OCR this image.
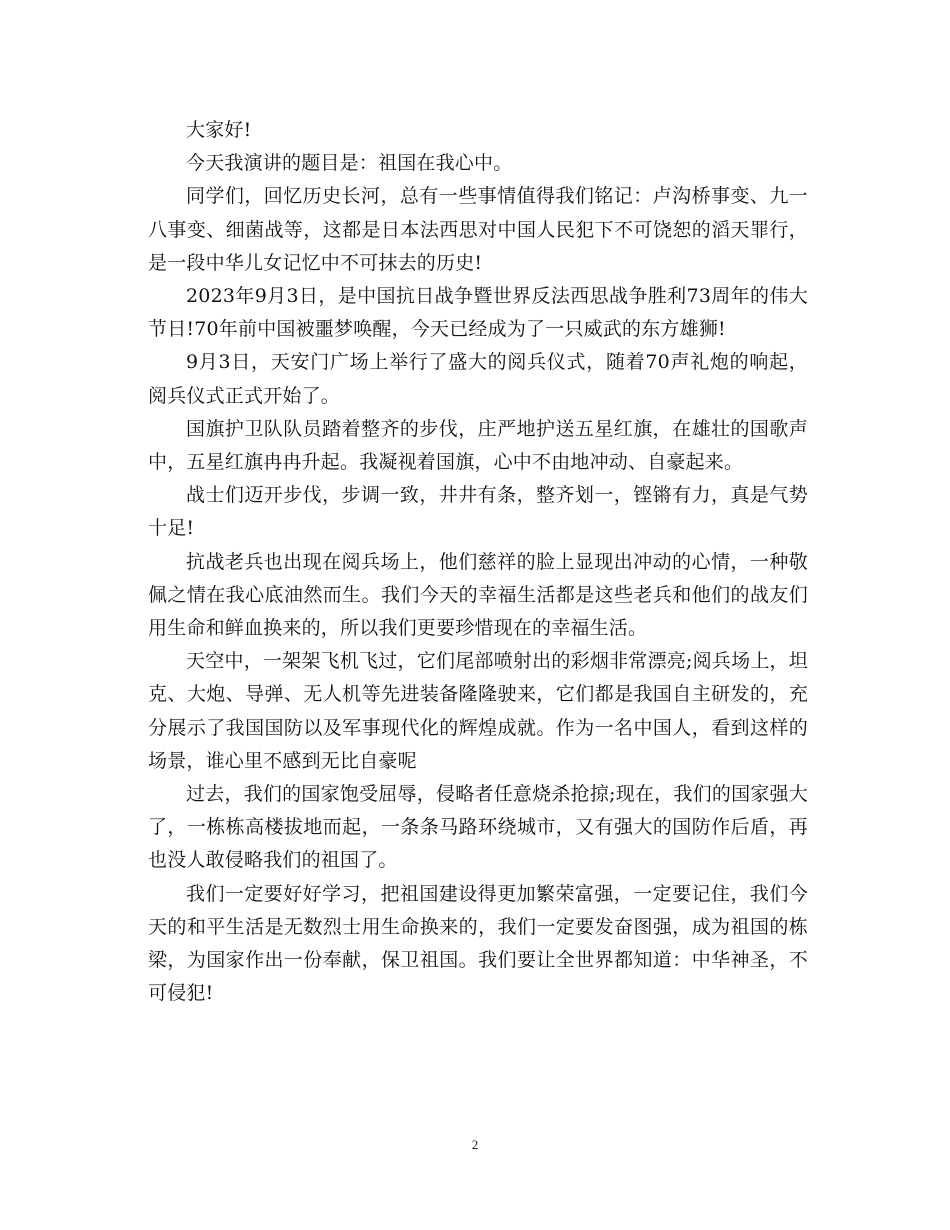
大家好!

今天我演讲的题目是：祖国在我心中。

同学们，回忆历史长河，总有一些事情值得我们铭记：卢沟桥事变、九一八事变、细菌战等，这都是日本法西思对中国人民犯下不可饶恕的滔天罪行，是一段中华儿女记忆中不可抹去的历史!

2023年9月3日，是中国抗日战争暨世界反法西思战争胜利73周年的伟大节日!70年前中国被噩梦唤醒，今天已经成为了一只威武的东方雄狮!

9月3日，天安门广场上举行了盛大的阅兵仪式，随着70声礼炮的响起，阅兵仪式正式开始了。

国旗护卫队队员踏着整齐的步伐，庄严地护送五星红旗，在雄壮的国歌声中，五星红旗冉冉升起。我凝视着国旗，心中不由地冲动、自豪起来。

战士们迈开步伐，步调一致，井井有条，整齐划一，铿锵有力，真是气势十足!

抗战老兵也出现在阅兵场上，他们慈祥的脸上显现出冲动的心情，一种敬佩之情在我心底油然而生。我们今天的幸福生活都是这些老兵和他们的战友们用生命和鲜血换来的，所以我们更要珍惜现在的幸福生活。

天空中，一架架飞机飞过，它们尾部喷射出的彩烟非常漂亮;阅兵场上，坦克、大炮、导弹、无人机等先进装备隆隆驶来，它们都是我国自主研发的，充分展示了我国国防以及军事现代化的辉煌成就。作为一名中国人，看到这样的场景，谁心里不感到无比自豪呢

过去，我们的国家饱受屈辱，侵略者任意烧杀抢掠;现在，我们的国家强大了，一栋栋高楼拔地而起，一条条马路环绕城市，又有强大的国防作后盾，再也没人敢侵略我们的祖国了。

我们一定要好好学习，把祖国建设得更加繁荣富强，一定要记住，我们今天的和平生活是无数烈士用生命换来的，我们一定要发奋图强，成为祖国的栋梁，为国家作出一份奉献，保卫祖国。我们要让全世界都知道：中华神圣，不可侵犯!

2
